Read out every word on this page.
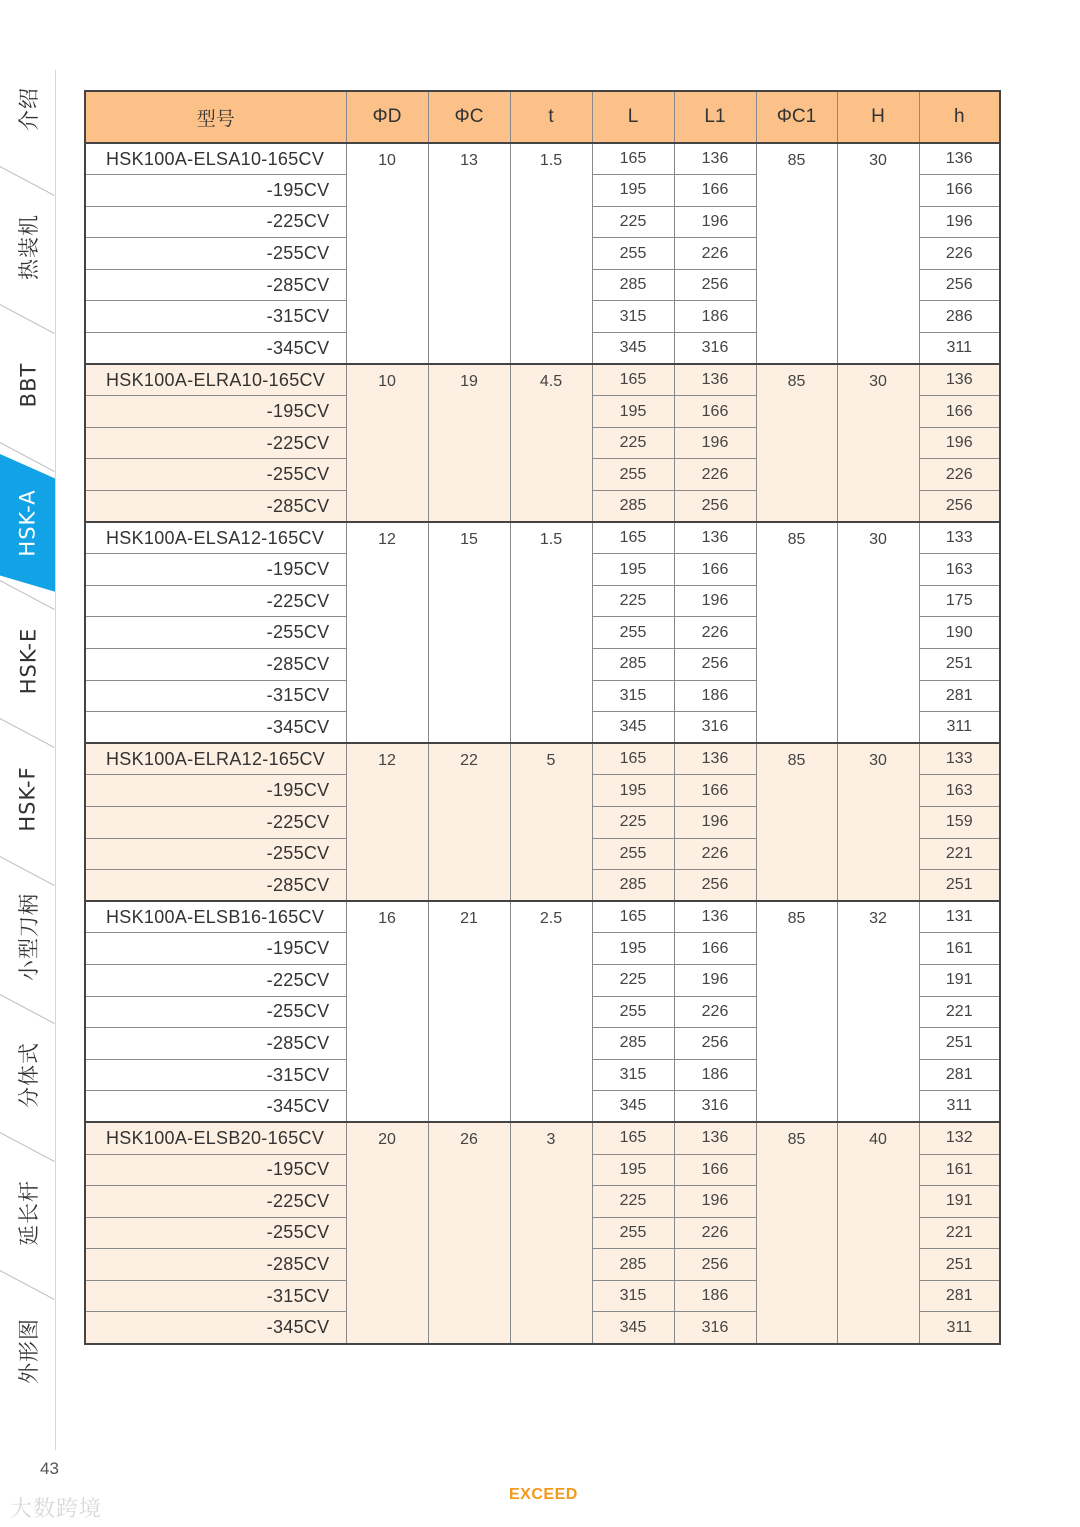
介绍
热装机
BBT
HSK-A
HSK-E
HSK-F
小型刀柄
分体式
延长杆
外形图
型号	ΦD	ΦC	t	L	L1	ΦC1	H	h
HSK100A-ELSA10-165CV	10	13	1.5	165	136	85	30	136
-195CV				195	166			166
-225CV				225	196			196
-255CV				255	226			226
-285CV				285	256			256
-315CV				315	186			286
-345CV				345	316			311
HSK100A-ELRA10-165CV	10	19	4.5	165	136	85	30	136
-195CV				195	166			166
-225CV				225	196			196
-255CV				255	226			226
-285CV				285	256			256
HSK100A-ELSA12-165CV	12	15	1.5	165	136	85	30	133
-195CV				195	166			163
-225CV				225	196			175
-255CV				255	226			190
-285CV				285	256			251
-315CV				315	186			281
-345CV				345	316			311
HSK100A-ELRA12-165CV	12	22	5	165	136	85	30	133
-195CV				195	166			163
-225CV				225	196			159
-255CV				255	226			221
-285CV				285	256			251
HSK100A-ELSB16-165CV	16	21	2.5	165	136	85	32	131
-195CV				195	166			161
-225CV				225	196			191
-255CV				255	226			221
-285CV				285	256			251
-315CV				315	186			281
-345CV				345	316			311
HSK100A-ELSB20-165CV	20	26	3	165	136	85	40	132
-195CV				195	166			161
-225CV				225	196			191
-255CV				255	226			221
-285CV				285	256			251
-315CV				315	186			281
-345CV				345	316			311
43
EXCEED
大数跨境
